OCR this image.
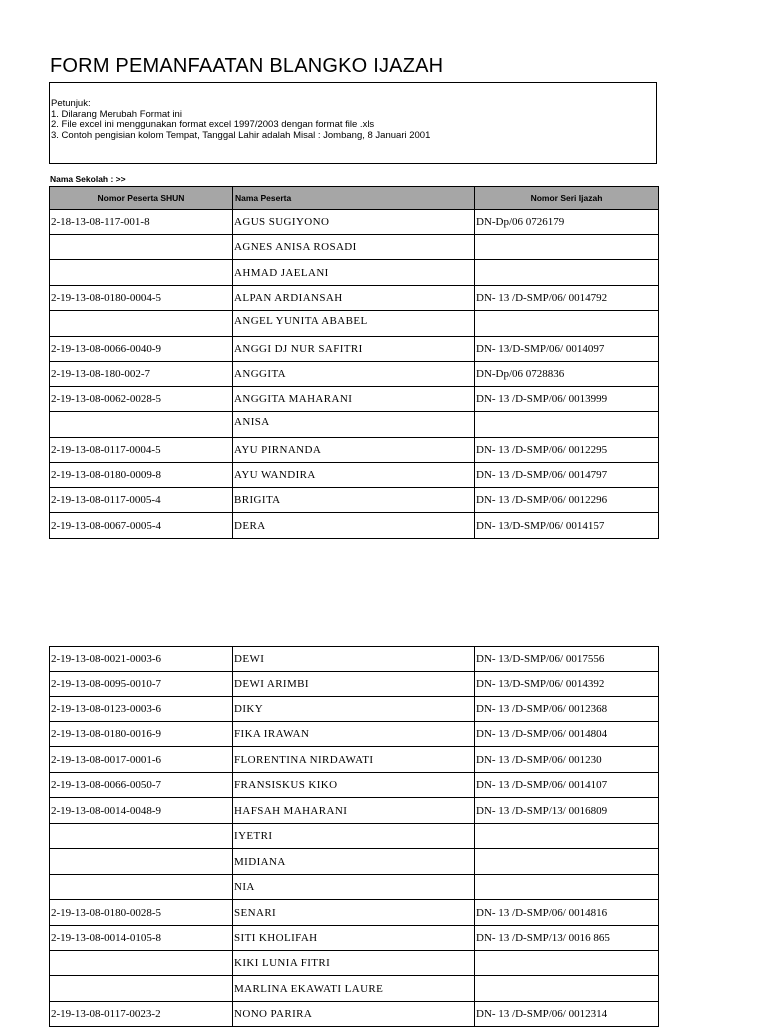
FORM PEMANFAATAN BLANGKO IJAZAH
Petunjuk:
1. Dilarang Merubah Format ini
2. File excel ini menggunakan format excel 1997/2003 dengan format file .xls
3. Contoh pengisian kolom Tempat, Tanggal Lahir adalah Misal : Jombang, 8 Januari 2001
Nama Sekolah : >>
Nomor Peserta SHUN	Nama Peserta	Nomor Seri Ijazah
2-18-13-08-117-001-8	AGUS SUGIYONO	DN-Dp/06 0726179
	AGNES ANISA ROSADI	
	AHMAD JAELANI	
2-19-13-08-0180-0004-5	ALPAN ARDIANSAH	DN- 13 /D-SMP/06/ 0014792
	ANGEL YUNITA ABABEL	
2-19-13-08-0066-0040-9	ANGGI DJ NUR SAFITRI	DN- 13/D-SMP/06/ 0014097
2-19-13-08-180-002-7	ANGGITA	DN-Dp/06 0728836
2-19-13-08-0062-0028-5	ANGGITA MAHARANI	DN- 13 /D-SMP/06/ 0013999
	ANISA	
2-19-13-08-0117-0004-5	AYU PIRNANDA	DN- 13 /D-SMP/06/ 0012295
2-19-13-08-0180-0009-8	AYU WANDIRA	DN- 13 /D-SMP/06/ 0014797
2-19-13-08-0117-0005-4	BRIGITA	DN- 13 /D-SMP/06/ 0012296
2-19-13-08-0067-0005-4	DERA	DN- 13/D-SMP/06/ 0014157
2-19-13-08-0021-0003-6	DEWI	DN- 13/D-SMP/06/ 0017556
2-19-13-08-0095-0010-7	DEWI ARIMBI	DN- 13/D-SMP/06/ 0014392
2-19-13-08-0123-0003-6	DIKY	DN- 13 /D-SMP/06/ 0012368
2-19-13-08-0180-0016-9	FIKA IRAWAN	DN- 13 /D-SMP/06/ 0014804
2-19-13-08-0017-0001-6	FLORENTINA NIRDAWATI	DN- 13 /D-SMP/06/ 001230
2-19-13-08-0066-0050-7	FRANSISKUS KIKO	DN- 13 /D-SMP/06/ 0014107
2-19-13-08-0014-0048-9	HAFSAH MAHARANI	DN- 13 /D-SMP/13/ 0016809
	IYETRI	
	MIDIANA	
	NIA	
2-19-13-08-0180-0028-5	SENARI	DN- 13 /D-SMP/06/ 0014816
2-19-13-08-0014-0105-8	SITI KHOLIFAH	DN- 13 /D-SMP/13/ 0016 865
	KIKI LUNIA FITRI	
	MARLINA EKAWATI LAURE	
2-19-13-08-0117-0023-2	NONO PARIRA	DN- 13 /D-SMP/06/ 0012314
